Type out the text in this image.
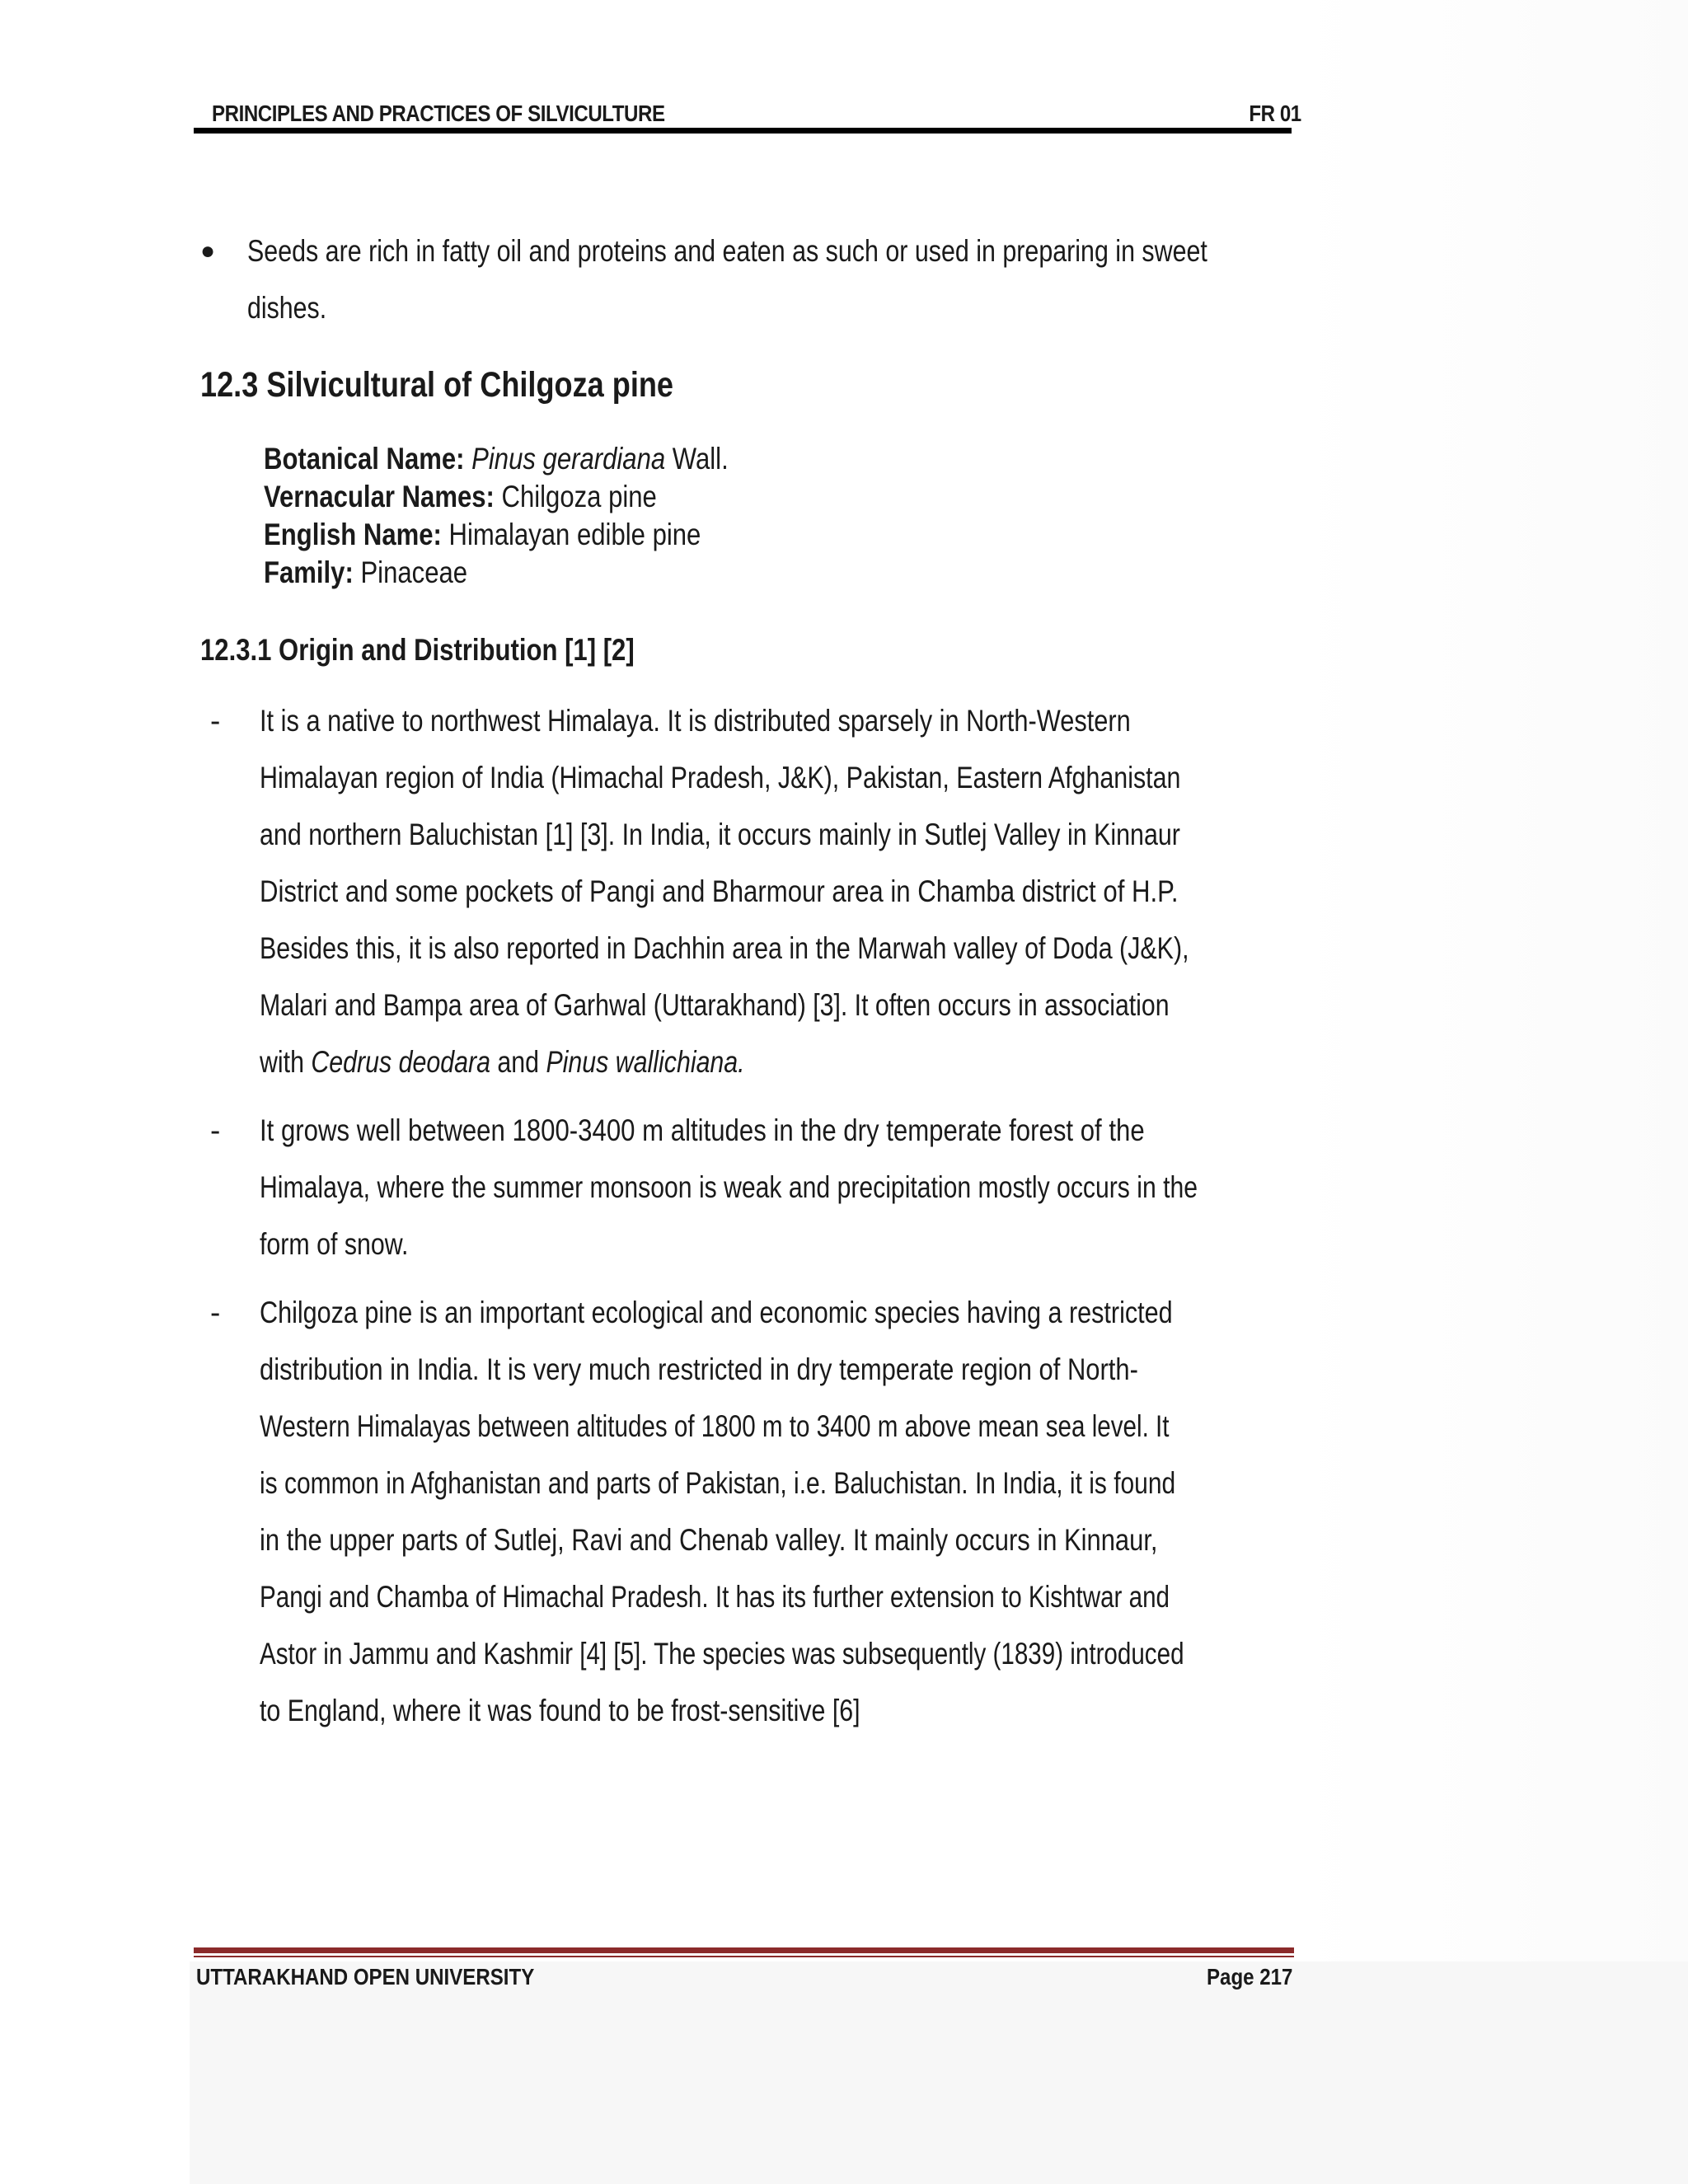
PRINCIPLES AND PRACTICES OF SILVICULTURE	FR 01
● Seeds are rich in fatty oil and proteins and eaten as such or used in preparing in sweet
dishes.
12.3 Silvicultural of Chilgoza pine
Botanical Name: Pinus gerardiana Wall.
Vernacular Names: Chilgoza pine
English Name: Himalayan edible pine
Family: Pinaceae
12.3.1 Origin and Distribution [1] [2]
- It is a native to northwest Himalaya. It is distributed sparsely in North-Western
Himalayan region of India (Himachal Pradesh, J&K), Pakistan, Eastern Afghanistan
and northern Baluchistan [1] [3]. In India, it occurs mainly in Sutlej Valley in Kinnaur
District and some pockets of Pangi and Bharmour area in Chamba district of H.P.
Besides this, it is also reported in Dachhin area in the Marwah valley of Doda (J&K),
Malari and Bampa area of Garhwal (Uttarakhand) [3]. It often occurs in association
with Cedrus deodara and Pinus wallichiana.
- It grows well between 1800-3400 m altitudes in the dry temperate forest of the
Himalaya, where the summer monsoon is weak and precipitation mostly occurs in the
form of snow.
- Chilgoza pine is an important ecological and economic species having a restricted
distribution in India. It is very much restricted in dry temperate region of North-
Western Himalayas between altitudes of 1800 m to 3400 m above mean sea level. It
is common in Afghanistan and parts of Pakistan, i.e. Baluchistan. In India, it is found
in the upper parts of Sutlej, Ravi and Chenab valley. It mainly occurs in Kinnaur,
Pangi and Chamba of Himachal Pradesh. It has its further extension to Kishtwar and
Astor in Jammu and Kashmir [4] [5]. The species was subsequently (1839) introduced
to England, where it was found to be frost-sensitive [6]
UTTARAKHAND OPEN UNIVERSITY	Page 217
